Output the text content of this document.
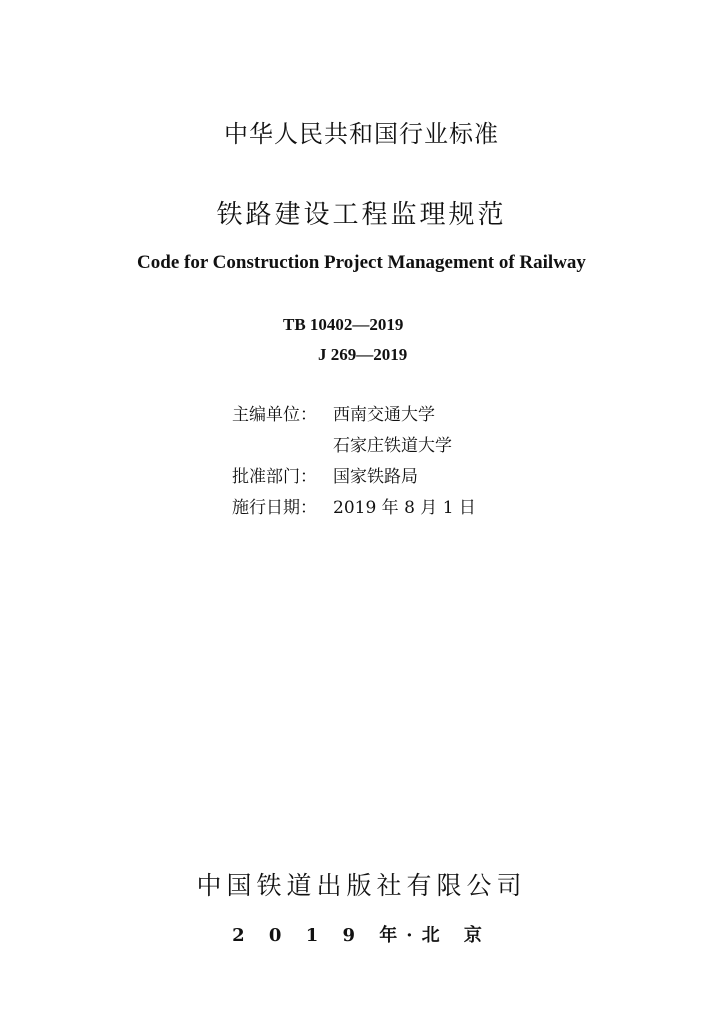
中华人民共和国行业标准
铁路建设工程监理规范
Code for Construction Project Management of Railway
TB 10402—2019
J 269—2019
主编单位： 西南交通大学
石家庄铁道大学
批准部门： 国家铁路局
施行日期： 2019 年 8 月 1 日
中国铁道出版社有限公司
2 0 1 9 年·北 京
